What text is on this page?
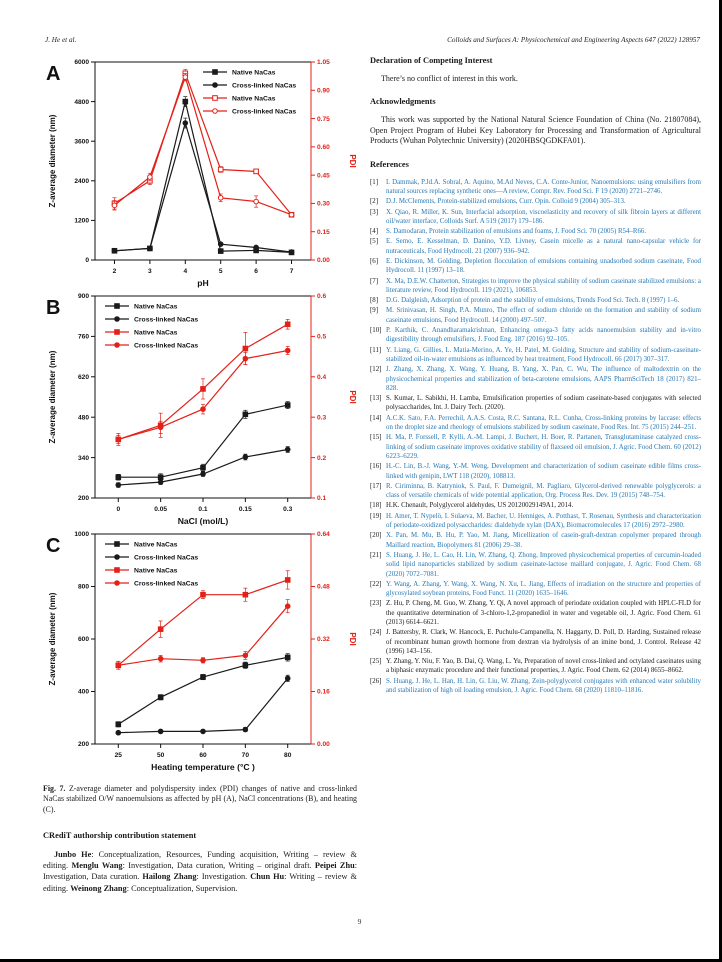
J. He et al.	Colloids and Surfaces A: Physicochemical and Engineering Aspects 647 (2022) 128957
0
1200
2400
3600
4800
6000
0.00
0.15
0.30
0.45
0.60
0.75
0.90
1.05
2	3	4	5	6	7
Z-average diameter (nm)	PDI
pH
Native NaCas
Cross-linked NaCas
Native NaCas
Cross-linked NaCas
A
200
340
480
620
760
900
0.1
0.2
0.3
0.4
0.5
0.6
0	0.05	0.1	0.15	0.3
Z-average diameter (nm)	PDI
NaCl (mol/L)
Native NaCas
Cross-linked NaCas
Native NaCas
Cross-linked NaCas
B
200
400
600
800
1000
0.00
0.16
0.32
0.48
0.64
25	50	60	70	80
Z-average diameter (nm)	PDI
Heating temperature (°C )
Native NaCas
Cross-linked NaCas
Native NaCas
Cross-linked NaCas
C
Fig. 7. Z-average diameter and polydispersity index (PDI) changes of native and cross-linked NaCas stabilized O/W nanoemulsions as affected by pH (A), NaCl concentrations (B), and heating (C).
CRediT authorship contribution statement

Junbo He: Conceptualization, Resources, Funding acquisition, Writing – review & editing. Menglu Wang: Investigation, Data curation, Writing – original draft. Peipei Zhu: Investigation, Data curation. Hailong Zhang: Investigation. Chun Hu: Writing – review & editing. Weinong Zhang: Conceptualization, Supervision.

Declaration of Competing Interest

There’s no conflict of interest in this work.

Acknowledgments

This work was supported by the National Natural Science Foundation of China (No. 21807084), Open Project Program of Hubei Key Laboratory for Processing and Transformation of Agricultural Products (Wuhan Polytechnic University) (2020HBSQGDKFA01).

References
[1]	I. Dammak, P.Jd.A. Sobral, A. Aquino, M.Ad Neves, C.A. Conte-Junior, Nanoemulsions: using emulsifiers from natural sources replacing synthetic ones—A review, Compr. Rev. Food Sci. F 19 (2020) 2721–2746.
[2]	D.J. McClements, Protein-stabilized emulsions, Curr. Opin. Colloid 9 (2004) 305–313.
[3]	X. Qiao, R. Miller, K. Sun, Interfacial adsorption, viscoelasticity and recovery of silk fibroin layers at different oil/water interface, Colloids Surf. A 519 (2017) 179–186.
[4]	S. Damodaran, Protein stabilization of emulsions and foams, J. Food Sci. 70 (2005) R54–R66.
[5]	E. Semo, E. Kesselman, D. Danino, Y.D. Livney, Casein micelle as a natural nano-capsular vehicle for nutraceuticals, Food Hydrocoll. 21 (2007) 936–942.
[6]	E. Dickinson, M. Golding, Depletion flocculation of emulsions containing unadsorbed sodium caseinate, Food Hydrocoll. 11 (1997) 13–18.
[7]	X. Ma, D.E.W. Chatterton, Strategies to improve the physical stability of sodium caseinate stabilized emulsions: a literature review, Food Hydrocoll. 119 (2021), 106853.
[8]	D.G. Dalgleish, Adsorption of protein and the stability of emulsions, Trends Food Sci. Tech. 8 (1997) 1–6.
[9]	M. Srinivasan, H. Singh, P.A. Munro, The effect of sodium chloride on the formation and stability of sodium caseinate emulsions, Food Hydrocoll. 14 (2000) 497–507.
[10] P. Karthik, C. Anandharamakrishnan, Enhancing omega-3 fatty acids nanoemulsion stability and in-vitro digestibility through emulsifiers, J. Food Eng. 187 (2016) 92–105.
[11] Y. Liang, G. Gillies, L. Matia-Merino, A. Ye, H. Patel, M. Golding, Structure and stability of sodium-caseinate-stabilized oil-in-water emulsions as influenced by heat treatment, Food Hydrocoll. 66 (2017) 307–317.
[12] J. Zhang, X. Zhang, X. Wang, Y. Huang, B. Yang, X. Pan, C. Wu, The influence of maltodextrin on the physicochemical properties and stabilization of beta-carotene emulsions, AAPS PharmSciTech 18 (2017) 821–828.
[13] S. Kumar, L. Sabikhi, H. Lamba, Emulsification properties of sodium caseinate-based conjugates with selected polysaccharides, Int. J. Dairy Tech. (2020).
[14] A.C.K. Sato, F.A. Perrechil, A.A.S. Costa, R.C. Santana, R.L. Cunha, Cross-linking proteins by laccase: effects on the droplet size and rheology of emulsions stabilized by sodium caseinate, Food Res. Int. 75 (2015) 244–251.
[15] H. Ma, P. Forssell, P. Kylli, A.-M. Lampi, J. Buchert, H. Boer, R. Partanen, Transglutaminase catalyzed cross-linking of sodium caseinate improves oxidative stability of flaxseed oil emulsion, J. Agric. Food Chem. 60 (2012) 6223–6229.
[16] H.-C. Lin, B.-J. Wang, Y.-M. Weng, Development and characterization of sodium caseinate edible films cross-linked with genipin, LWT 118 (2020), 108813.
[17] R. Ciriminna, B. Katryniok, S. Paul, F. Dumeignil, M. Pagliaro, Glycerol-derived renewable polyglycerols: a class of versatile chemicals of wide potential application, Org. Process Res. Dev. 19 (2015) 748–754.
[18] H.K. Chenault, Polyglycerol aldehydes, US 20120029149A1, 2014.
[19] H. Amer, T. Nypelö, I. Sulaeva, M. Bacher, U. Henniges, A. Potthast, T. Rosenau, Synthesis and characterization of periodate-oxidized polysaccharides: dialdehyde xylan (DAX), Biomacromolecules 17 (2016) 2972–2980.
[20] X. Pan, M. Mu, B. Hu, P. Yao, M. Jiang, Micellization of casein-graft-dextran copolymer prepared through Maillard reaction, Biopolymers 81 (2006) 29–38.
[21] S. Huang, J. He, L. Cao, H. Lin, W. Zhang, Q. Zhong, Improved physicochemical properties of curcumin-loaded solid lipid nanoparticles stabilized by sodium caseinate-lactose maillard conjugate, J. Agric. Food Chem. 68 (2020) 7072–7081.
[22] Y. Wang, A. Zhang, Y. Wang, X. Wang, N. Xu, L. Jiang, Effects of irradiation on the structure and properties of glycosylated soybean proteins, Food Funct. 11 (2020) 1635–1646.
[23] Z. Hu, P. Cheng, M. Guo, W. Zhang, Y. Qi, A novel approach of periodate oxidation coupled with HPLC-FLD for the quantitative determination of 3-chloro-1,2-propanediol in water and vegetable oil, J. Agric. Food Chem. 61 (2013) 6614–6621.
[24] J. Battersby, R. Clark, W. Hancock, E. Puchulu-Campanella, N. Haggarty, D. Poll, D. Harding, Sustained release of recombinant human growth hormone from dextran via hydrolysis of an imine bond, J. Control. Release 42 (1996) 143–156.
[25] Y. Zhang, Y. Niu, F. Yao, B. Dai, Q. Wang, L. Yu, Preparation of novel cross-linked and octylated caseinates using a biphasic enzymatic procedure and their functional properties, J. Agric. Food Chem. 62 (2014) 8655–8662.
[26] S. Huang, J. He, L. Han, H. Lin, G. Liu, W. Zhang, Zein-polyglycerol conjugates with enhanced water solubility and stabilization of high oil loading emulsion, J. Agric. Food Chem. 68 (2020) 11810–11816.
9
